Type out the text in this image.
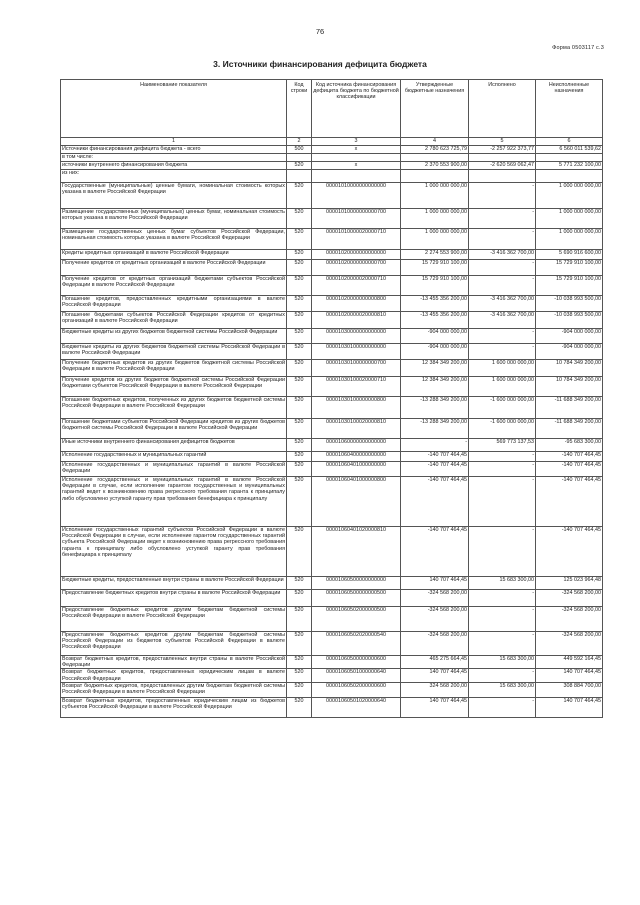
76
Форма 0503117 с.3
3. Источники финансирования дефицита бюджета
Наименование показателя	Код строки	Код источника финансирования дефицита бюджета по бюджетной классификации	Утвержденные бюджетные назначения	Исполнено	Неисполненные назначения
1	2	3	4	5	6
Источники финансирования дефицита бюджета - всего	500	x	2 780 623 725,79	-2 257 922 373,77	6 560 011 539,62
в том числе:					
источники внутреннего финансирования бюджета	520	x	2 370 553 900,00	-2 620 569 062,47	5 771 232 100,00
из них:					
Государственные (муниципальные) ценные бумаги, номинальная стоимость которых указана в валюте Российской Федерации	520	00001010000000000000	1 000 000 000,00	-	1 000 000 000,00
Размещение государственных (муниципальных) ценных бумаг, номинальная стоимость которых указана в валюте Российской Федерации	520	00001010000000000700	1 000 000 000,00	-	1 000 000 000,00
Размещение государственных ценных бумаг субъектов Российской Федерации, номинальная стоимость которых указана в валюте Российской Федерации	520	00001010000020000710	1 000 000 000,00	-	1 000 000 000,00
Кредиты кредитных организаций в валюте Российской Федерации	520	00001020000000000000	2 274 553 900,00	-3 416 362 700,00	5 690 916 600,00
Получение кредитов от кредитных организаций в валюте Российской Федерации	520	00001020000000000700	15 729 910 100,00	-	15 729 910 100,00
Получение кредитов от кредитных организаций бюджетами субъектов Российской Федерации в валюте Российской Федерации	520	00001020000020000710	15 729 910 100,00	-	15 729 910 100,00
Погашение кредитов, предоставленных кредитными организациями в валюте Российской Федерации	520	00001020000000000800	-13 455 356 200,00	-3 416 362 700,00	-10 038 993 500,00
Погашение бюджетами субъектов Российской Федерации кредитов от кредитных организаций в валюте Российской Федерации	520	00001020000020000810	-13 455 356 200,00	-3 416 362 700,00	-10 038 993 500,00
Бюджетные кредиты из других бюджетов бюджетной системы Российской Федерации	520	00001030000000000000	-904 000 000,00	-	-904 000 000,00
Бюджетные кредиты из других бюджетов бюджетной системы Российской Федерации в валюте Российской Федерации	520	00001030100000000000	-904 000 000,00	-	-904 000 000,00
Получение бюджетных кредитов из других бюджетов бюджетной системы Российской Федерации в валюте Российской Федерации	520	00001030100000000700	12 384 349 200,00	1 600 000 000,00	10 784 349 200,00
Получение кредитов из других бюджетов бюджетной системы Российской Федерации бюджетами субъектов Российской Федерации в валюте Российской Федерации	520	00001030100020000710	12 384 349 200,00	1 600 000 000,00	10 784 349 200,00
Погашение бюджетных кредитов, полученных из других бюджетов бюджетной системы Российской Федерации в валюте Российской Федерации	520	00001030100000000800	-13 288 349 200,00	-1 600 000 000,00	-11 688 349 200,00
Погашение бюджетами субъектов Российской Федерации кредитов из других бюджетов бюджетной системы Российской Федерации в валюте Российской Федерации	520	00001030100020000810	-13 288 349 200,00	-1 600 000 000,00	-11 688 349 200,00
Иные источники внутреннего финансирования дефицитов бюджетов	520	00001060000000000000	-	569 773 137,53	-95 683 300,00
Исполнение государственных и муниципальных гарантий	520	00001060400000000000	-140 707 464,45	-	-140 707 464,45
Исполнение государственных и муниципальных гарантий в валюте Российской Федерации	520	00001060401000000000	-140 707 464,45	-	-140 707 464,45
Исполнение государственных и муниципальных гарантий в валюте Российской Федерации в случае, если исполнение гарантом государственных и муниципальных гарантий ведет к возникновению права регрессного требования гаранта к принципалу либо обусловлено уступкой гаранту прав требования бенефициара к принципалу	520	00001060401000000800	-140 707 464,45	-	-140 707 464,45
Исполнение государственных гарантий субъектов Российской Федерации в валюте Российской Федерации в случае, если исполнение гарантом государственных гарантий субъекта Российской Федерации ведет к возникновению права регрессного требования гаранта к принципалу либо обусловлено уступкой гаранту прав требования бенефициара к принципалу	520	00001060401020000810	-140 707 464,45	-	-140 707 464,45
Бюджетные кредиты, предоставленные внутри страны в валюте Российской Федерации	520	00001060500000000000	140 707 464,45	15 683 300,00	125 023 964,48
Предоставление бюджетных кредитов внутри страны в валюте Российской Федерации	520	00001060500000000500	-324 568 200,00	-	-324 568 200,00
Предоставление бюджетных кредитов другим бюджетам бюджетной системы Российской Федерации в валюте Российской Федерации	520	00001060502000000500	-324 568 200,00	-	-324 568 200,00
Предоставление бюджетных кредитов другим бюджетам бюджетной системы Российской Федерации из бюджетов субъектов Российской Федерации в валюте Российской Федерации	520	00001060502020000540	-324 568 200,00	-	-324 568 200,00
Возврат бюджетных кредитов, предоставленных внутри страны в валюте Российской Федерации	520	00001060500000000600	465 275 664,45	15 683 300,00	449 592 164,45
Возврат бюджетных кредитов, предоставленных юридическим лицам в валюте Российской Федерации	520	00001060501000000640	140 707 464,45	-	140 707 464,45
Возврат бюджетных кредитов, предоставленных другим бюджетам бюджетной системы Российской Федерации в валюте Российской Федерации	520	00001060502000000600	324 568 200,00	15 683 300,00	308 884 700,00
Возврат бюджетных кредитов, предоставленных юридическим лицам из бюджетов субъектов Российской Федерации в валюте Российской Федерации	520	00001060501020000640	140 707 464,45	-	140 707 464,45
